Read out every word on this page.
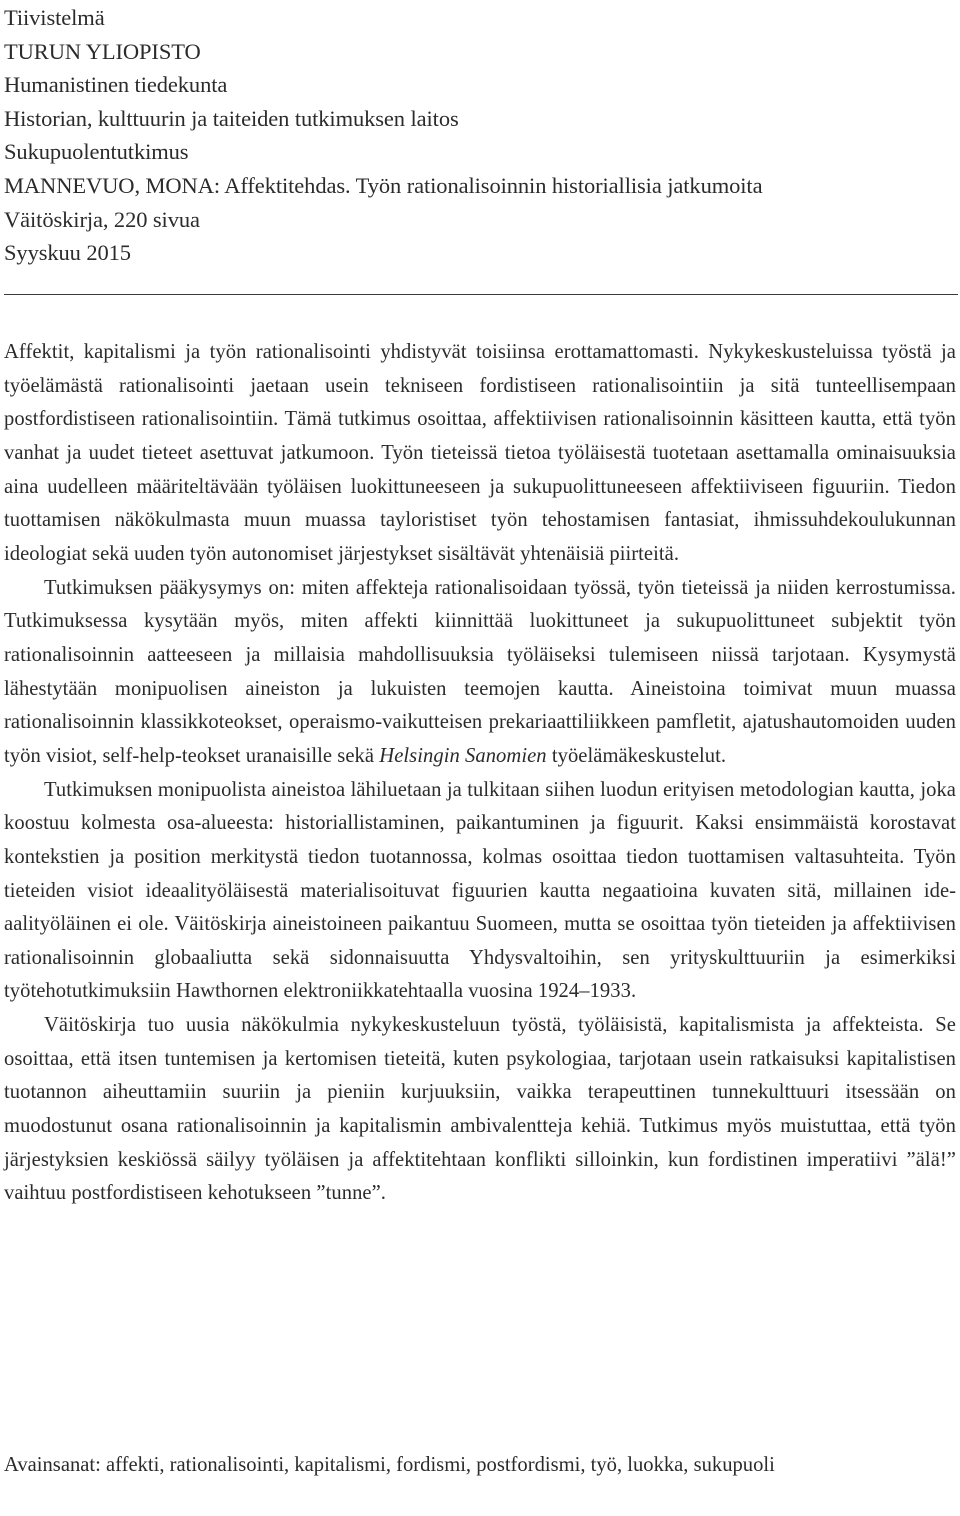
Tiivistelmä
TURUN YLIOPISTO
Humanistinen tiedekunta
Historian, kulttuurin ja taiteiden tutkimuksen laitos
Sukupuolentutkimus
MANNEVUO, MONA: Affektitehdas. Työn rationalisoinnin historiallisia jatkumoita
Väitöskirja, 220 sivua
Syyskuu 2015

Affektit, kapitalismi ja työn rationalisointi yhdistyvät toisiinsa erottamattomasti. Nykykeskusteluissa työstä ja työelämästä rationalisointi jaetaan usein tekniseen fordistiseen rationalisointiin ja sitä tunteellisempaan postfordistiseen rationalisointiin. Tämä tutkimus osoittaa, affektiivisen rationalisoinnin käsitteen kautta, että työn vanhat ja uudet tieteet asettuvat jatkumoon. Työn tieteissä tietoa työläisestä tuotetaan asettamalla ominaisuuksia aina uudelleen määriteltävään työläisen luokittuneeseen ja sukupuolittuneeseen affektiiviseen figuuriin. Tiedon tuottamisen näkökulmasta muun muassa tayloristiset työn tehostamisen fantasiat, ihmissuhdekoulukunnan ideologiat sekä uuden työn autonomiset järjestykset sisältävät yhtenäisiä piirteitä.

Tutkimuksen pääkysymys on: miten affekteja rationalisoidaan työssä, työn tieteissä ja niiden kerrostumissa. Tutkimuksessa kysytään myös, miten affekti kiinnittää luokittuneet ja sukupuolittuneet subjektit työn rationalisoinnin aatteeseen ja millaisia mahdollisuuksia työläiseksi tulemiseen niissä tarjotaan. Kysymystä lähestytään monipuolisen aineiston ja lukuisten teemojen kautta. Aineistoina toimivat muun muassa rationalisoinnin klassikkoteokset, operaismo-vaikutteisen prekariaattiliikkeen pamfletit, ajatushautomoiden uuden työn visiot, self-help-teokset uranaisille sekä Helsingin Sanomien työelämäkeskustelut.

Tutkimuksen monipuolista aineistoa lähiluetaan ja tulkitaan siihen luodun erityisen metodologian kautta, joka koostuu kolmesta osa-alueesta: historiallistaminen, paikantuminen ja figuurit. Kaksi ensimmäistä korostavat kontekstien ja position merkitystä tiedon tuotannossa, kolmas osoittaa tiedon tuottamisen valtasuhteita. Työn tieteiden visiot ideaalityöläisestä materialisoituvat figuurien kautta negaatioina kuvaten sitä, millainen ideaalityöläinen ei ole. Väitöskirja aineistoineen paikantuu Suomeen, mutta se osoittaa työn tieteiden ja affektiivisen rationalisoinnin globaaliutta sekä sidonnaisuutta Yhdysvaltoihin, sen yrityskulttuuriin ja esimerkiksi työtehotutkimuksiin Hawthornen elektroniikkatehtaalla vuosina 1924–1933.

Väitöskirja tuo uusia näkökulmia nykykeskusteluun työstä, työläisistä, kapitalismista ja affekteista. Se osoittaa, että itsen tuntemisen ja kertomisen tieteitä, kuten psykologiaa, tarjotaan usein ratkaisuksi kapitalistisen tuotannon aiheuttamiin suuriin ja pieniin kurjuuksiin, vaikka terapeuttinen tunnekulttuuri itsessään on muodostunut osana rationalisoinnin ja kapitalismin ambivalentteja kehiä. Tutkimus myös muistuttaa, että työn järjestyksien keskiössä säilyy työläisen ja affektitehtaan konflikti silloinkin, kun fordistinen imperatiivi ”älä!” vaihtuu postfordistiseen kehotukseen ”tunne”.

Avainsanat: affekti, rationalisointi, kapitalismi, fordismi, postfordismi, työ, luokka, sukupuoli
